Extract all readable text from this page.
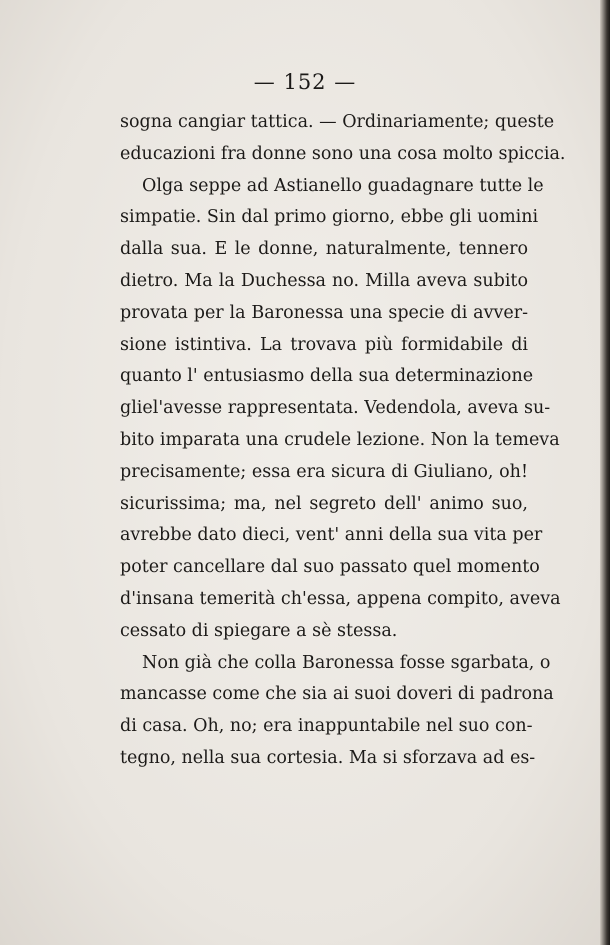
— 152 —
sogna cangiar tattica. — Ordinariamente; queste
educazioni fra donne sono una cosa molto spiccia.
Olga seppe ad Astianello guadagnare tutte le
simpatie. Sin dal primo giorno, ebbe gli uomini
dalla sua. E le donne, naturalmente, tennero
dietro. Ma la Duchessa no. Milla aveva subito
provata per la Baronessa una specie di avver-
sione istintiva. La trovava più formidabile di
quanto l' entusiasmo della sua determinazione
gliel'avesse rappresentata. Vedendola, aveva su-
bito imparata una crudele lezione. Non la temeva
precisamente; essa era sicura di Giuliano, oh!
sicurissima; ma, nel segreto dell' animo suo,
avrebbe dato dieci, vent' anni della sua vita per
poter cancellare dal suo passato quel momento
d'insana temerità ch'essa, appena compito, aveva
cessato di spiegare a sè stessa.
Non già che colla Baronessa fosse sgarbata, o
mancasse come che sia ai suoi doveri di padrona
di casa. Oh, no; era inappuntabile nel suo con-
tegno, nella sua cortesia. Ma si sforzava ad es-
